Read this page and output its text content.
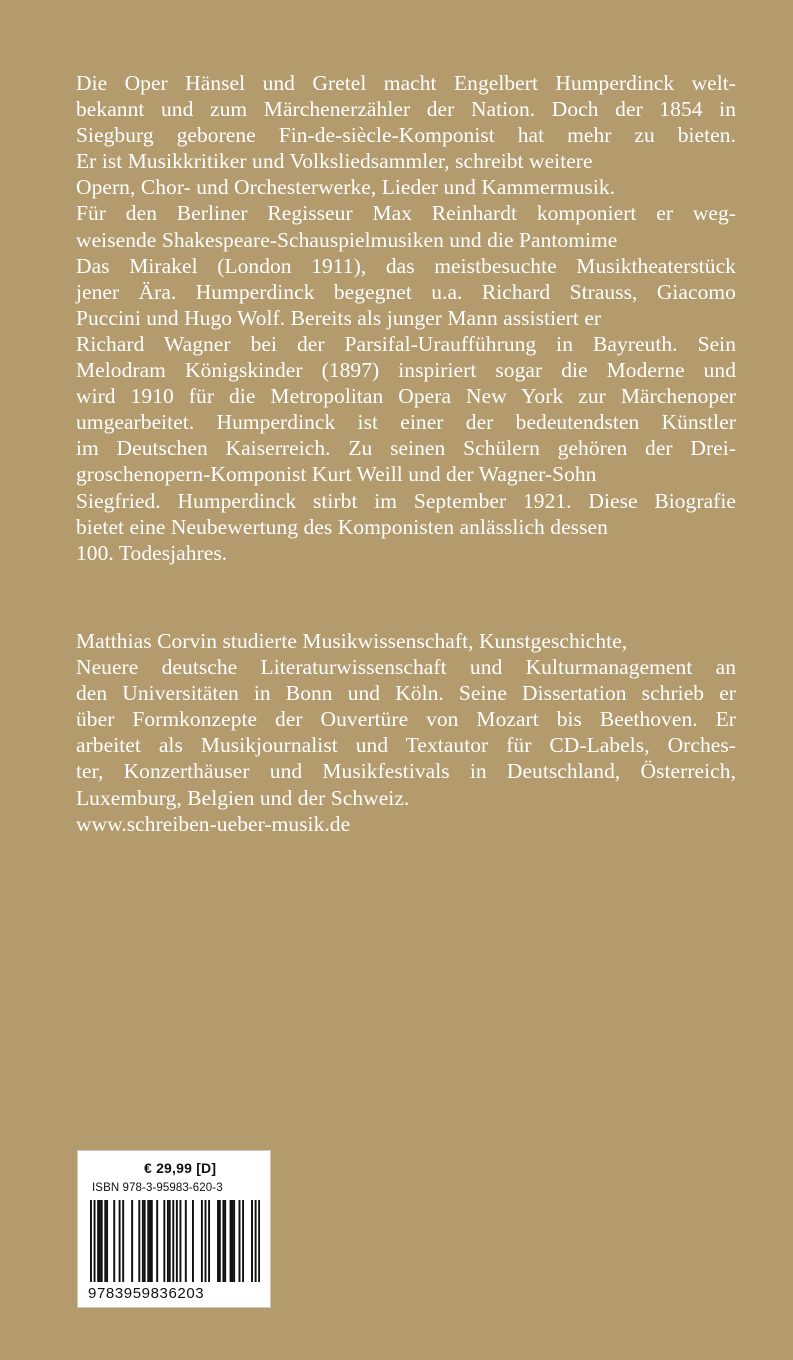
Die Oper Hänsel und Gretel macht Engelbert Humperdinck welt-
bekannt und zum Märchenerzähler der Nation. Doch der 1854 in
Siegburg geborene Fin-de-siècle-Komponist hat mehr zu bieten.
Er ist Musikkritiker und Volksliedsammler, schreibt weitere
Opern, Chor- und Orchesterwerke, Lieder und Kammermusik.
Für den Berliner Regisseur Max Reinhardt komponiert er weg-
weisende Shakespeare-Schauspielmusiken und die Pantomime
Das Mirakel (London 1911), das meistbesuchte Musiktheaterstück
jener Ära. Humperdinck begegnet u.a. Richard Strauss, Giacomo
Puccini und Hugo Wolf. Bereits als junger Mann assistiert er
Richard Wagner bei der Parsifal-Uraufführung in Bayreuth. Sein
Melodram Königskinder (1897) inspiriert sogar die Moderne und
wird 1910 für die Metropolitan Opera New York zur Märchenoper
umgearbeitet. Humperdinck ist einer der bedeutendsten Künstler
im Deutschen Kaiserreich. Zu seinen Schülern gehören der Drei-
groschenopern-Komponist Kurt Weill und der Wagner-Sohn
Siegfried. Humperdinck stirbt im September 1921. Diese Biografie
bietet eine Neubewertung des Komponisten anlässlich dessen
100. Todesjahres.
Matthias Corvin studierte Musikwissenschaft, Kunstgeschichte,
Neuere deutsche Literaturwissenschaft und Kulturmanagement an
den Universitäten in Bonn und Köln. Seine Dissertation schrieb er
über Formkonzepte der Ouvertüre von Mozart bis Beethoven. Er
arbeitet als Musikjournalist und Textautor für CD-Labels, Orches-
ter, Konzerthäuser und Musikfestivals in Deutschland, Österreich,
Luxemburg, Belgien und der Schweiz.
www.schreiben-ueber-musik.de
€ 29,99 [D]
ISBN 978-3-95983-620-3
9783959836203
